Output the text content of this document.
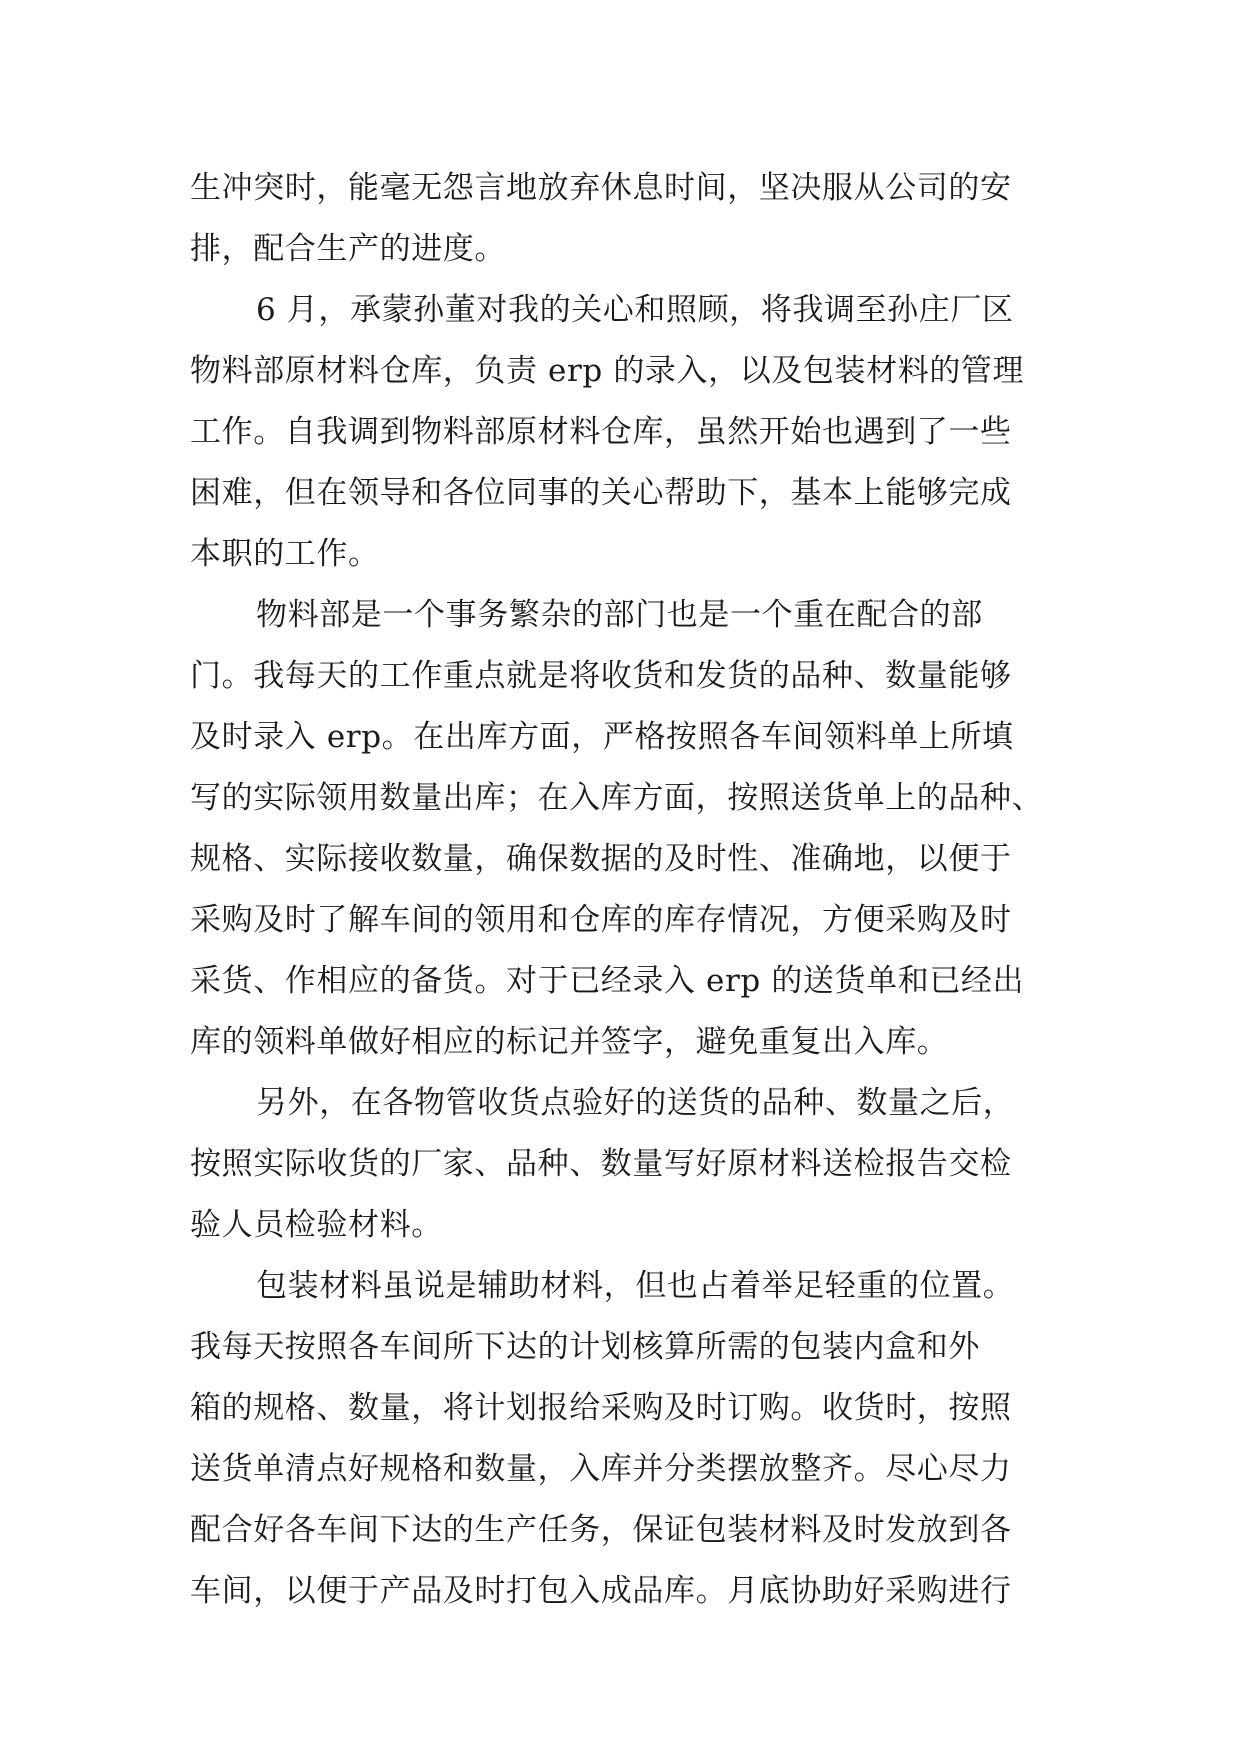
生冲突时，能毫无怨言地放弃休息时间，坚决服从公司的安
排，配合生产的进度。
6 月，承蒙孙董对我的关心和照顾，将我调至孙庄厂区
物料部原材料仓库，负责 erp 的录入，以及包装材料的管理
工作。自我调到物料部原材料仓库，虽然开始也遇到了一些
困难，但在领导和各位同事的关心帮助下，基本上能够完成
本职的工作。
物料部是一个事务繁杂的部门也是一个重在配合的部
门。我每天的工作重点就是将收货和发货的品种、数量能够
及时录入 erp。在出库方面，严格按照各车间领料单上所填
写的实际领用数量出库；在入库方面，按照送货单上的品种、
规格、实际接收数量，确保数据的及时性、准确地，以便于
采购及时了解车间的领用和仓库的库存情况，方便采购及时
采货、作相应的备货。对于已经录入 erp 的送货单和已经出
库的领料单做好相应的标记并签字，避免重复出入库。
另外，在各物管收货点验好的送货的品种、数量之后，
按照实际收货的厂家、品种、数量写好原材料送检报告交检
验人员检验材料。
包装材料虽说是辅助材料，但也占着举足轻重的位置。
我每天按照各车间所下达的计划核算所需的包装内盒和外
箱的规格、数量，将计划报给采购及时订购。收货时，按照
送货单清点好规格和数量，入库并分类摆放整齐。尽心尽力
配合好各车间下达的生产任务，保证包装材料及时发放到各
车间，以便于产品及时打包入成品库。月底协助好采购进行
